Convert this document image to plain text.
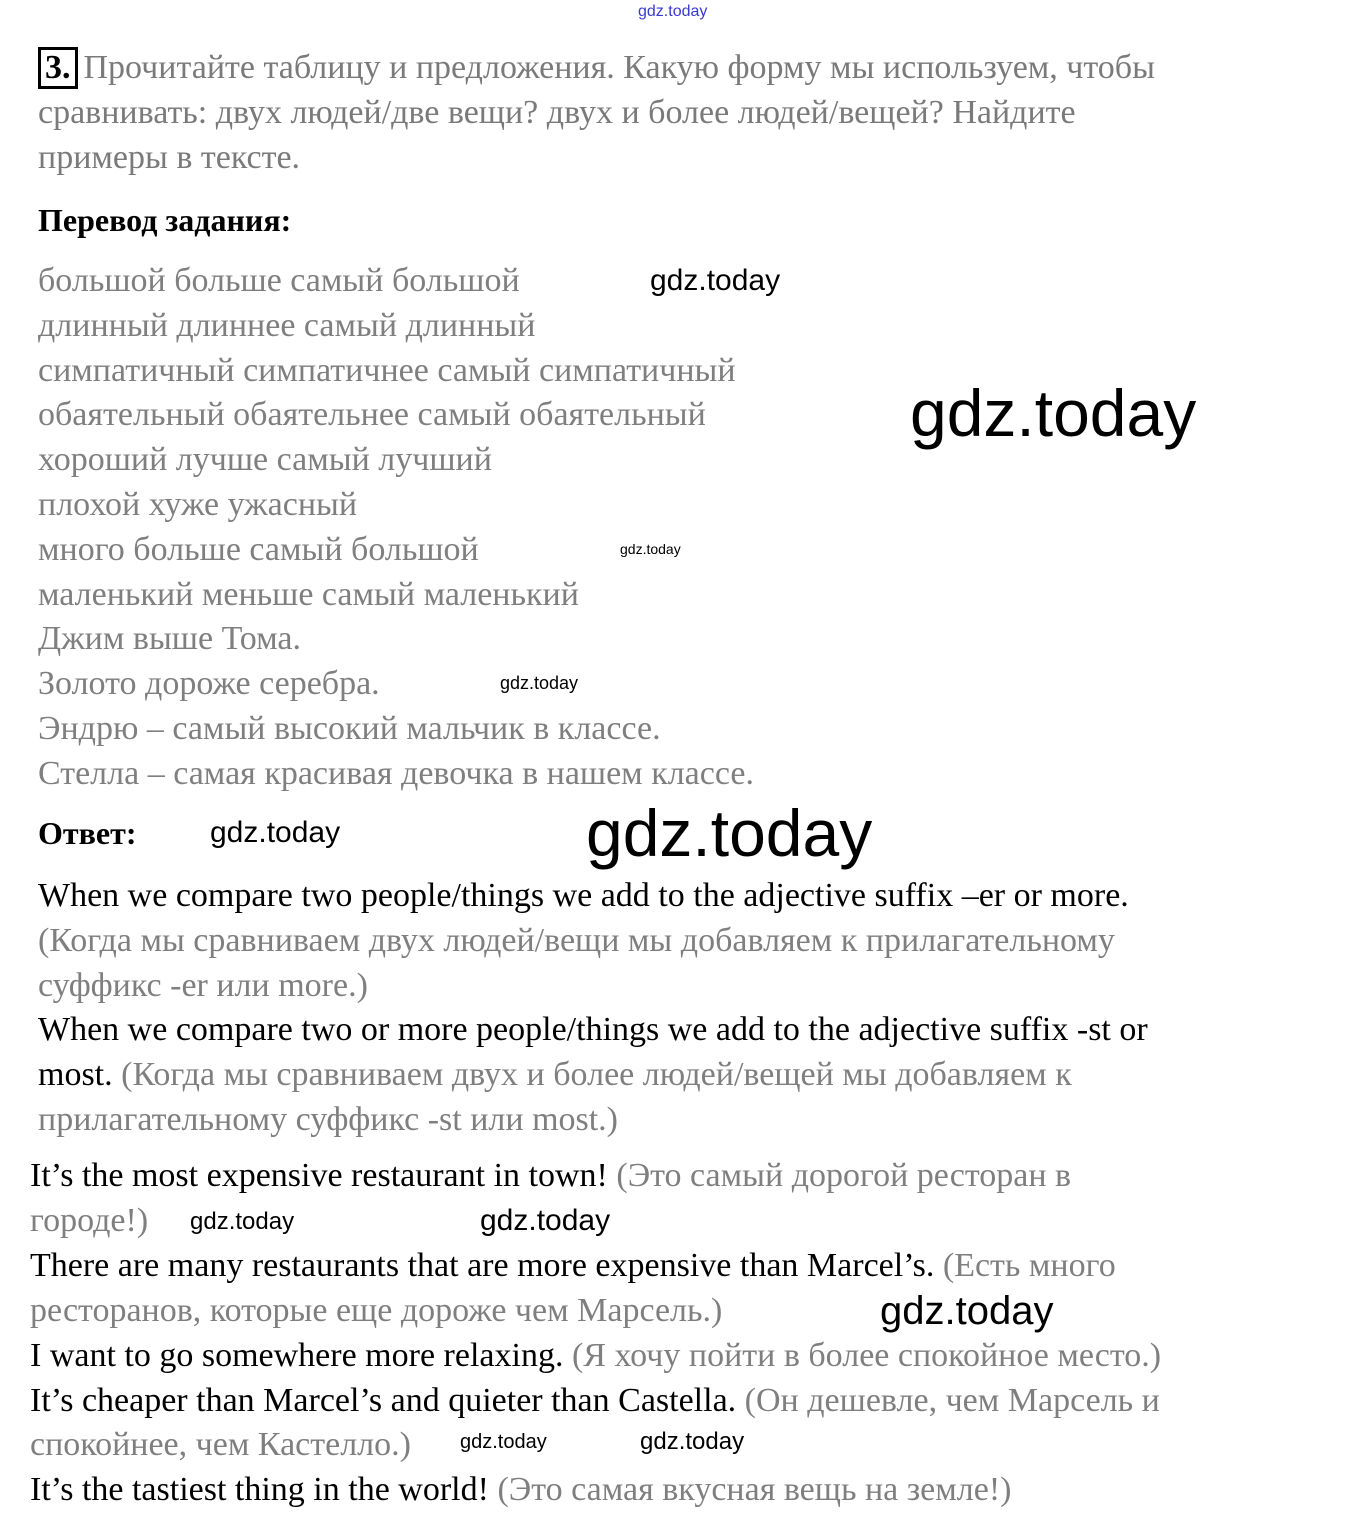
gdz.today
3. Прочитайте таблицу и предложения. Какую форму мы используем, чтобы
сравнивать: двух людей/две вещи? двух и более людей/вещей? Найдите
примеры в тексте.
Перевод задания:
Ответ:
gdz.today
gdz.today
gdz.today
gdz.today
gdz.today
gdz.today
gdz.today	gdz.today
gdz.today
gdz.today	gdz.today
большой больше самый большой
длинный длиннее самый длинный
симпатичный симпатичнее самый симпатичный
обаятельный обаятельнее самый обаятельный
хороший лучше самый лучший
плохой хуже ужасный
много больше самый большой
маленький меньше самый маленький
Джим выше Тома.
Золото дороже серебра.
Эндрю – самый высокий мальчик в классе.
Стелла – самая красивая девочка в нашем классе.
When we compare two people/things we add to the adjective suffix –er or more.
(Когда мы сравниваем двух людей/вещи мы добавляем к прилагательному
суффикс -er или more.)
When we compare two or more people/things we add to the adjective suffix -st or
most. (Когда мы сравниваем двух и более людей/вещей мы добавляем к
прилагательному суффикс -st или most.)
It’s the most expensive restaurant in town! (Это самый дорогой ресторан в
городе!)
There are many restaurants that are more expensive than Marcel’s. (Есть много
ресторанов, которые еще дороже чем Марсель.)
I want to go somewhere more relaxing. (Я хочу пойти в более спокойное место.)
It’s cheaper than Marcel’s and quieter than Castella. (Он дешевле, чем Марсель и
спокойнее, чем Кастелло.)
It’s the tastiest thing in the world! (Это самая вкусная вещь на земле!)
